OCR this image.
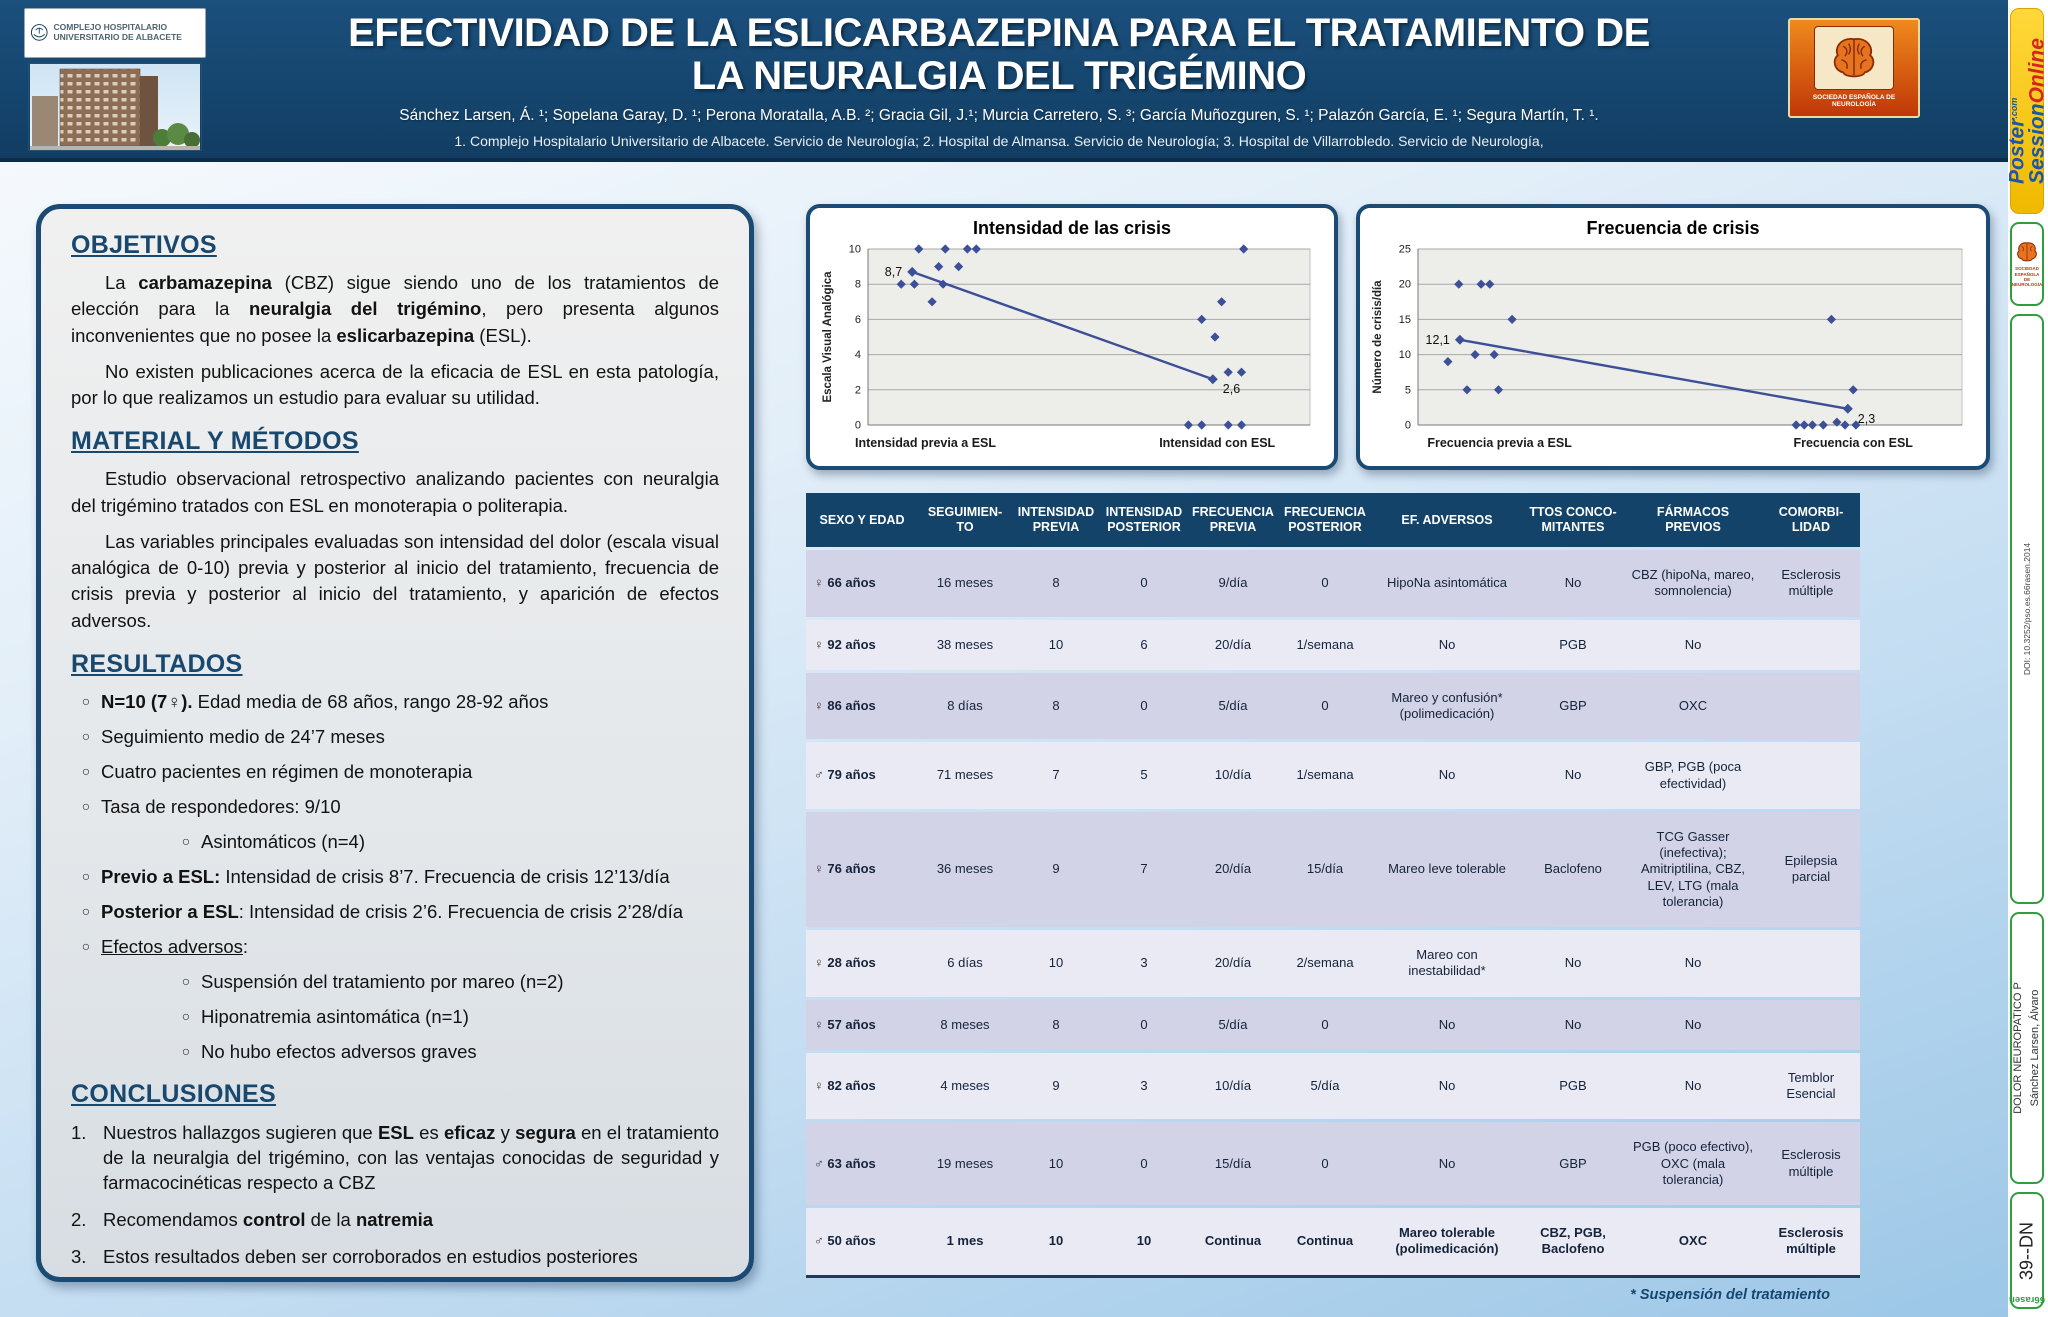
COMPLEJO HOSPITALARIO UNIVERSITARIO DE ALBACETE	EFECTIVIDAD DE LA ESLICARBAZEPINA PARA EL TRATAMIENTO DE
LA NEURALGIA DEL TRIGÉMINO
Sánchez Larsen, Á. ¹; Sopelana Garay, D. ¹; Perona Moratalla, A.B. ²; Gracia Gil, J.¹; Murcia Carretero, S. ³; García Muñozguren, S. ¹; Palazón García, E. ¹; Segura Martín, T. ¹.
1. Complejo Hospitalario Universitario de Albacete. Servicio de Neurología; 2. Hospital de Almansa. Servicio de Neurología; 3. Hospital de Villarrobledo. Servicio de Neurología,
SOCIEDAD ESPAÑOLA DE NEUROLOGÍA
OBJETIVOS

La carbamazepina (CBZ) sigue siendo uno de los tratamientos de elección para la neuralgia del trigémino, pero presenta algunos inconvenientes que no posee la eslicarbazepina (ESL).

No existen publicaciones acerca de la eficacia de ESL en esta patología, por lo que realizamos un estudio para evaluar su utilidad.

MATERIAL Y MÉTODOS

Estudio observacional retrospectivo analizando pacientes con neuralgia del trigémino tratados con ESL en monoterapia o politerapia.

Las variables principales evaluadas son intensidad del dolor (escala visual analógica de 0-10) previa y posterior al inicio del tratamiento, frecuencia de crisis previa y posterior al inicio del tratamiento, y aparición de efectos adversos.

RESULTADOS
○ N=10 (7♀). Edad media de 68 años, rango 28-92 años
○ Seguimiento medio de 24’7 meses
○ Cuatro pacientes en régimen de monoterapia
○ Tasa de respondedores: 9/10
○ Asintomáticos (n=4)
○ Previo a ESL: Intensidad de crisis 8’7. Frecuencia de crisis 12’13/día
○ Posterior a ESL: Intensidad de crisis 2’6. Frecuencia de crisis 2’28/día
○ Efectos adversos:
○ Suspensión del tratamiento por mareo (n=2)
○ Hiponatremia asintomática (n=1)
○ No hubo efectos adversos graves
CONCLUSIONES
1. Nuestros hallazgos sugieren que ESL es eficaz y segura en el tratamiento de la neuralgia del trigémino, con las ventajas conocidas de seguridad y farmacocinéticas respecto a CBZ
2. Recomendamos control de la natremia
3. Estos resultados deben ser corroborados en estudios posteriores
Intensidad de las crisis
0
2
4
6
8
10
Escala Visual Analógica
Intensidad previa a ESL	Intensidad con ESL
8,7
2,6
Frecuencia de crisis
0
5
10
15
20
25
Número de crisis/día
Frecuencia previa a ESL	Frecuencia con ESL
12,1
2,3
SEXO Y EDAD	SEGUIMIEN-TO	INTENSIDAD PREVIA	INTENSIDAD POSTERIOR	FRECUENCIA PREVIA	FRECUENCIA POSTERIOR	EF. ADVERSOS	TTOS CONCO-MITANTES	FÁRMACOS PREVIOS	COMORBI-LIDAD
♀ 66 años	16 meses	8	0	9/día	0	HipoNa asintomática	No	CBZ (hipoNa, mareo, somnolencia)	Esclerosis múltiple
♀ 92 años	38 meses	10	6	20/día	1/semana	No	PGB	No	
♀ 86 años	8 días	8	0	5/día	0	Mareo y confusión* (polimedicación)	GBP	OXC	
♂ 79 años	71 meses	7	5	10/día	1/semana	No	No	GBP, PGB (poca efectividad)	
♀ 76 años	36 meses	9	7	20/día	15/día	Mareo leve tolerable	Baclofeno	TCG Gasser (inefectiva); Amitriptilina, CBZ, LEV, LTG (mala tolerancia)	Epilepsia parcial
♀ 28 años	6 días	10	3	20/día	2/semana	Mareo con inestabilidad*	No	No	
♀ 57 años	8 meses	8	0	5/día	0	No	No	No	
♀ 82 años	4 meses	9	3	10/día	5/día	No	PGB	No	Temblor Esencial
♂ 63 años	19 meses	10	0	15/día	0	No	GBP	PGB (poco efectivo), OXC (mala tolerancia)	Esclerosis múltiple
♂ 50 años	1 mes	10	10	Continua	Continua	Mareo tolerable (polimedicación)	CBZ, PGB, Baclofeno	OXC	Esclerosis múltiple
* Suspensión del tratamiento
Poster$^{.com}$ SessionOnline
SOCIEDAD ESPAÑOLA DE NEUROLOGÍA
DOI: 10.3252/pso.es.66rasen.2014
DOLOR NEUROPATICO P Sánchez Larsen, Álvaro
39--DN
66rasen
